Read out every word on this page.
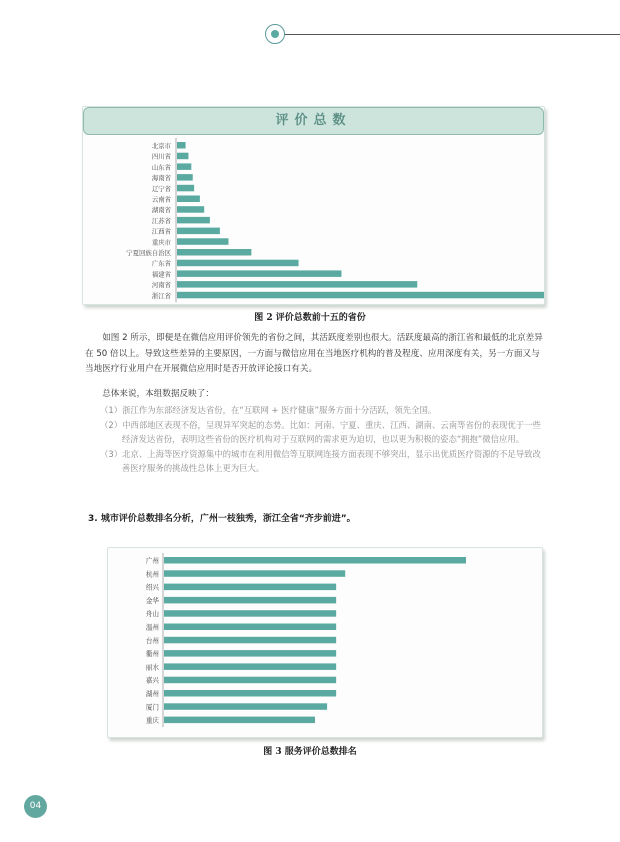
评价总数
北京市
四川省
山东省
海南省
辽宁省
云南省
湖南省
江苏省
江西省
重庆市
宁夏回族自治区
广东省
福建省
河南省
浙江省
图 2 评价总数前十五的省份

如图 2 所示，即便是在微信应用评价领先的省份之间，其活跃度差别也很大。活跃度最高的浙江省和最低的北京差异在 50 倍以上。导致这些差异的主要原因，一方面与微信应用在当地医疗机构的普及程度、应用深度有关，另一方面又与当地医疗行业用户在开展微信应用时是否开放评论接口有关。

总体来说，本组数据反映了：

（1）浙江作为东部经济发达省份，在“互联网 + 医疗健康”服务方面十分活跃，领先全国。

（2）中西部地区表现不俗，呈现异军突起的态势。比如：河南、宁夏、重庆、江西、湖南、云南等省份的表现优于一些经济发达省份，表明这些省份的医疗机构对于互联网的需求更为迫切，也以更为积极的姿态“拥抱”微信应用。

（3）北京、上海等医疗资源集中的城市在利用微信等互联网连接方面表现不够突出，显示出优质医疗资源的不足导致改善医疗服务的挑战性总体上更为巨大。

3. 城市评价总数排名分析，广州一枝独秀，浙江全省“齐步前进”。
广州
杭州
绍兴
金华
舟山
温州
台州
衢州
丽水
嘉兴
湖州
厦门
重庆
图 3 服务评价总数排名
04
